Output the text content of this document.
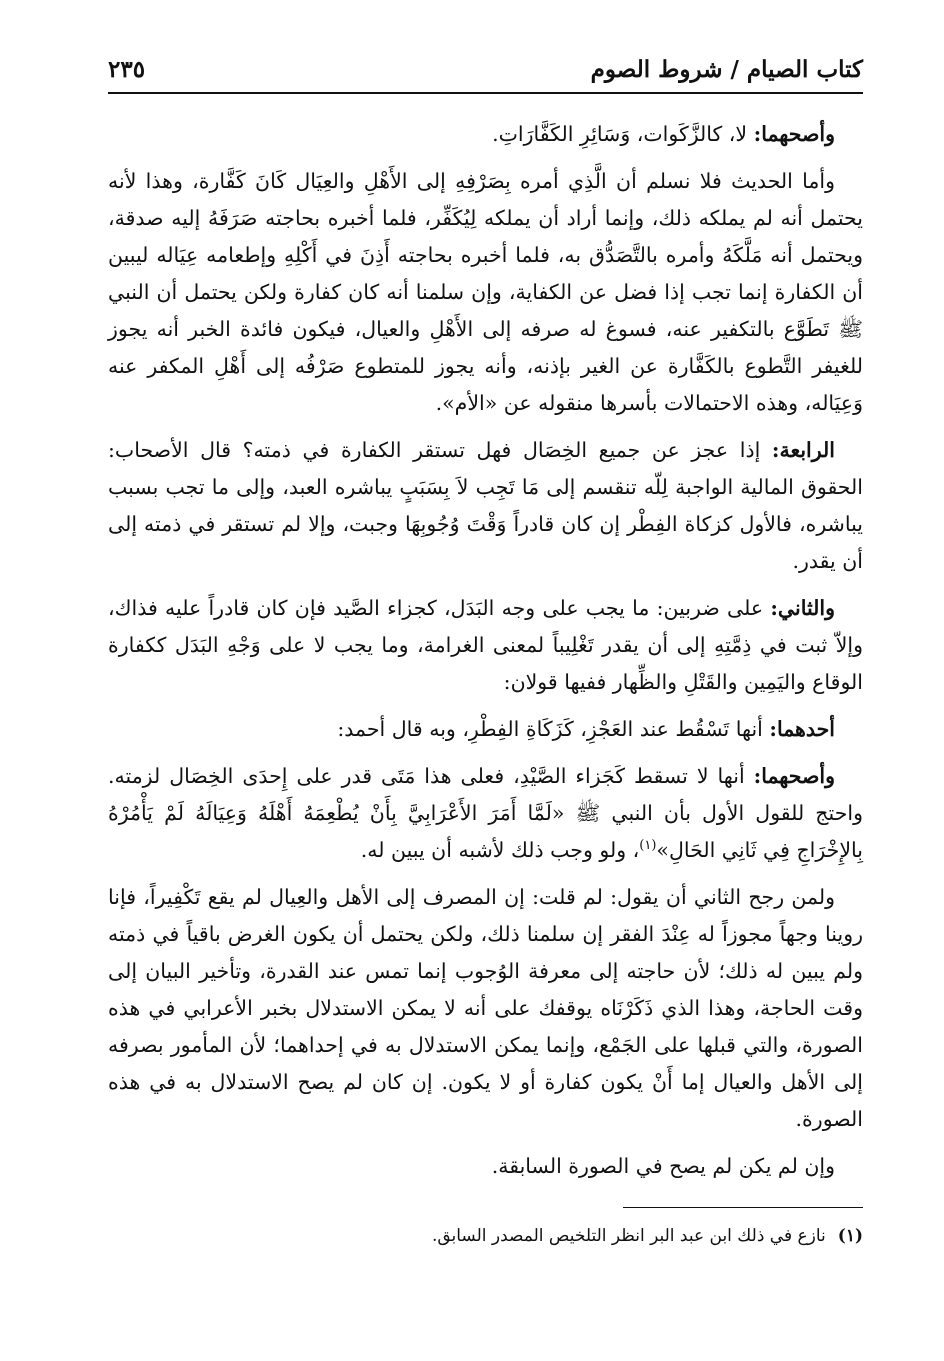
كتاب الصيام / شروط الصوم
٢٣٥

وأصحهما: لا، كالزَّكَوات، وَسَائِرِ الكَفَّارَاتِ.

وأما الحديث فلا نسلم أن الَّذِي أمره بِصَرْفِهِ إلى الأَهْلِ والعِيَال كَانَ كَفَّارة، وهذا لأنه يحتمل أنه لم يملكه ذلك، وإنما أراد أن يملكه لِيُكَفِّر، فلما أخبره بحاجته صَرَفَهُ إليه صدقة، ويحتمل أنه مَلَّكَهُ وأمره بالتَّصَدُّق به، فلما أخبره بحاجته أَذِنَ في أَكْلِهِ وإطعامه عِيَاله ليبين أن الكفارة إنما تجب إذا فضل عن الكفاية، وإن سلمنا أنه كان كفارة ولكن يحتمل أن النبي ﷺ تَطَوَّع بالتكفير عنه، فسوغ له صرفه إلى الأَهْلِ والعيال، فيكون فائدة الخبر أنه يجوز للغيفر التَّطوع بالكَفَّارة عن الغير بإذنه، وأنه يجوز للمتطوع صَرْفُه إلى أَهْلِ المكفر عنه وَعِيَاله، وهذه الاحتمالات بأسرها منقوله عن «الأم».

الرابعة: إذا عجز عن جميع الخِصَال فهل تستقر الكفارة في ذمته؟ قال الأصحاب: الحقوق المالية الواجبة لِلّه تنقسم إلى مَا تَجِب لاَ بِسَبَبٍ يباشره العبد، وإلى ما تجب بسبب يباشره، فالأول كزكاة الفِطْر إن كان قادراً وَقْتَ وُجُوبِهَا وجبت، وإلا لم تستقر في ذمته إلى أن يقدر.

والثاني: على ضربين: ما يجب على وجه البَدَل، كجزاء الصَّيد فإن كان قادراً عليه فذاك، وإلاّ ثبت في ذِمَّتِهِ إلى أن يقدر تَغْلِيباً لمعنى الغرامة، وما يجب لا على وَجْهِ البَدَل ككفارة الوقاع واليَمِين والقَتْلِ والظِّهار ففيها قولان:

أحدهما: أنها تَسْقُط عند العَجْزِ، كَزَكَاةِ الفِطْرِ، وبه قال أحمد:

وأصحهما: أنها لا تسقط كَجَزاء الصَّيْدِ، فعلى هذا مَتَى قدر على إِحدَى الخِصَال لزمته. واحتج للقول الأول بأن النبي ﷺ «لَمَّا أَمَرَ الأَعْرَابِيَّ بِأَنْ يُطْعِمَهُ أَهْلَهُ وَعِيَالَهُ لَمْ يَأْمُرْهُ بِالإِخْرَاجِ فِي ثَانِي الحَالِ»$^{(١)}$، ولو وجب ذلك لأشبه أن يبين له.

ولمن رجح الثاني أن يقول: لم قلت: إن المصرف إلى الأهل والعِيال لم يقع تَكْفِيراً، فإنا روينا وجهاً مجوزاً له عِنْدَ الفقر إن سلمنا ذلك، ولكن يحتمل أن يكون الغرض باقياً في ذمته ولم يبين له ذلك؛ لأن حاجته إلى معرفة الوُجوب إنما تمس عند القدرة، وتأخير البيان إلى وقت الحاجة، وهذا الذي ذَكَرْنَاه يوقفك على أنه لا يمكن الاستدلال بخبر الأعرابي في هذه الصورة، والتي قبلها على الجَمْع، وإنما يمكن الاستدلال به في إحداهما؛ لأن المأمور بصرفه إلى الأهل والعيال إما أَنْ يكون كفارة أو لا يكون. إن كان لم يصح الاستدلال به في هذه الصورة.

وإن لم يكن لم يصح في الصورة السابقة.

(١)
نازع في ذلك ابن عبد البر انظر التلخيص المصدر السابق.
